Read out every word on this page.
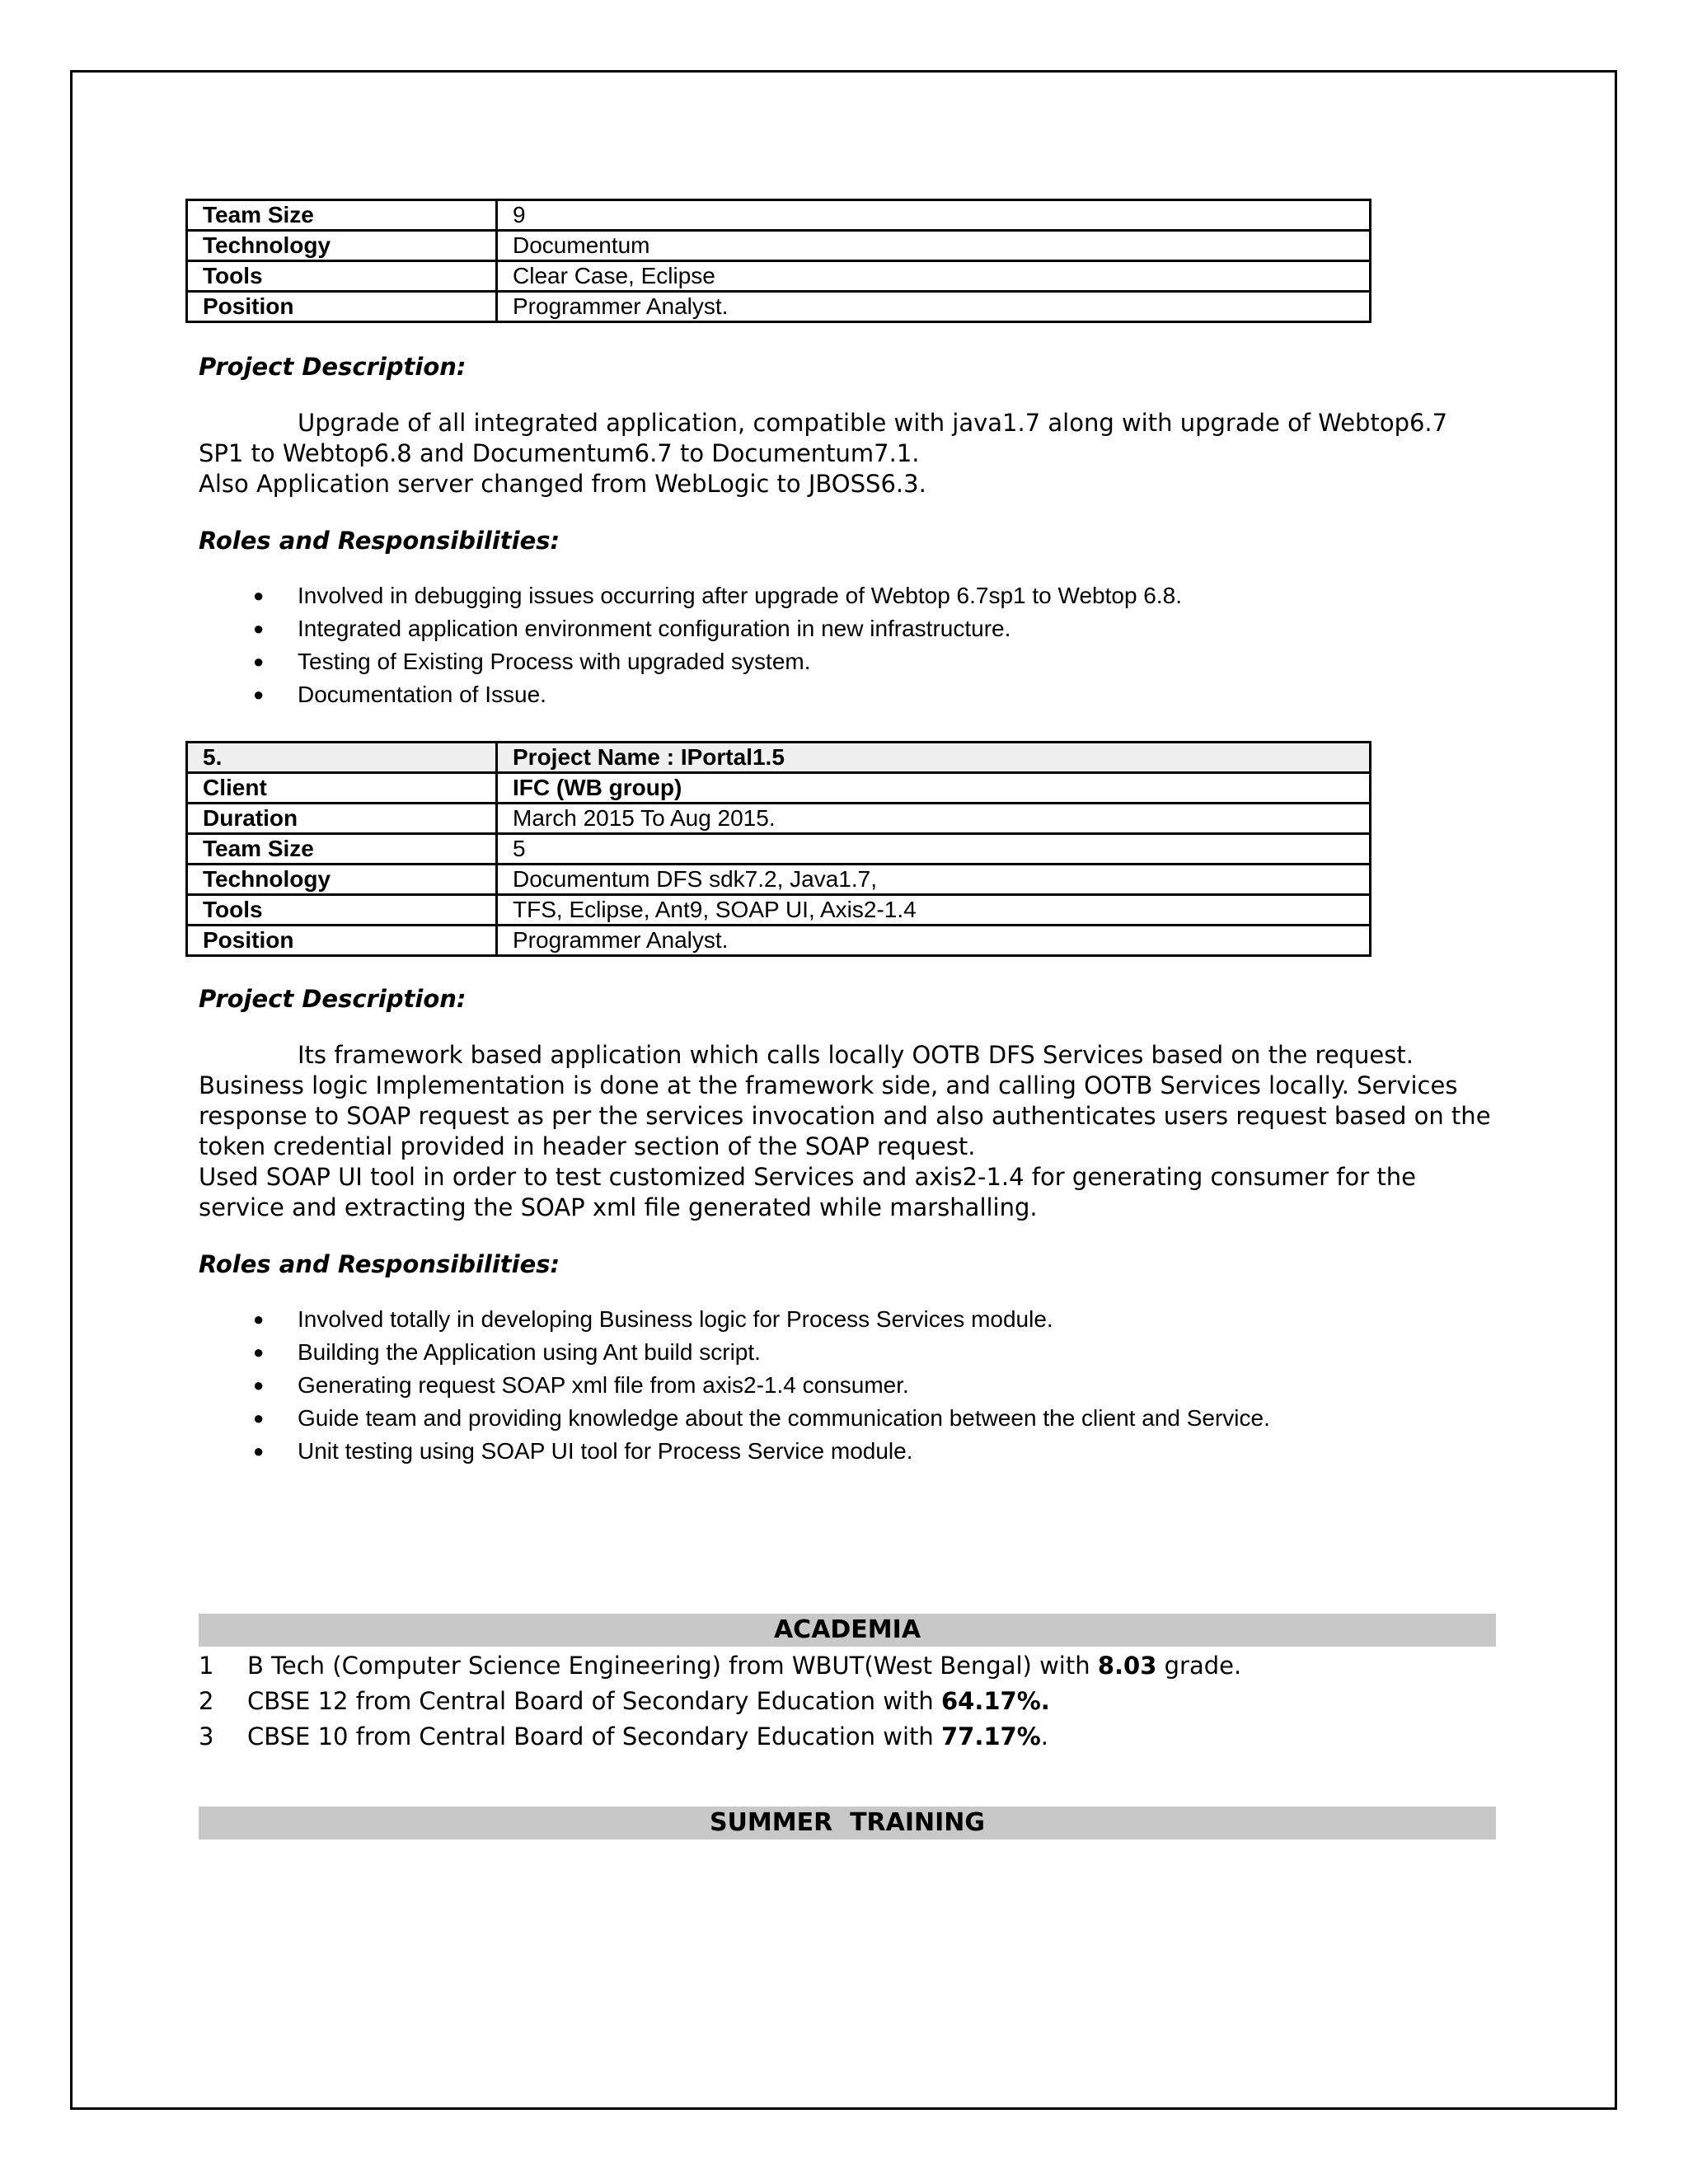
Team Size	9
Technology	Documentum
Tools	Clear Case, Eclipse
Position	Programmer Analyst.
Project Description:

Upgrade of all integrated application, compatible with java1.7 along with upgrade of Webtop6.7 SP1 to Webtop6.8 and Documentum6.7 to Documentum7.1.

Also Application server changed from WebLogic to JBOSS6.3.

Roles and Responsibilities:
● Involved in debugging issues occurring after upgrade of Webtop 6.7sp1 to Webtop 6.8.
● Integrated application environment configuration in new infrastructure.
● Testing of Existing Process with upgraded system.
● Documentation of Issue.
5.	Project Name : IPortal1.5
Client	IFC (WB group)
Duration	March 2015 To Aug 2015.
Team Size	5
Technology	Documentum DFS sdk7.2, Java1.7,
Tools	TFS, Eclipse, Ant9, SOAP UI, Axis2-1.4
Position	Programmer Analyst.
Project Description:

Its framework based application which calls locally OOTB DFS Services based on the request. Business logic Implementation is done at the framework side, and calling OOTB Services locally. Services response to SOAP request as per the services invocation and also authenticates users request based on the token credential provided in header section of the SOAP request.

Used SOAP UI tool in order to test customized Services and axis2-1.4 for generating consumer for the service and extracting the SOAP xml file generated while marshalling.

Roles and Responsibilities:
● Involved totally in developing Business logic for Process Services module.
● Building the Application using Ant build script.
● Generating request SOAP xml file from axis2-1.4 consumer.
● Guide team and providing knowledge about the communication between the client and Service.
● Unit testing using SOAP UI tool for Process Service module.
ACADEMIA
1 B Tech (Computer Science Engineering) from WBUT(West Bengal) with 8.03 grade.
2 CBSE 12 from Central Board of Secondary Education with 64.17%.
3 CBSE 10 from Central Board of Secondary Education with 77.17%.
SUMMER  TRAINING
